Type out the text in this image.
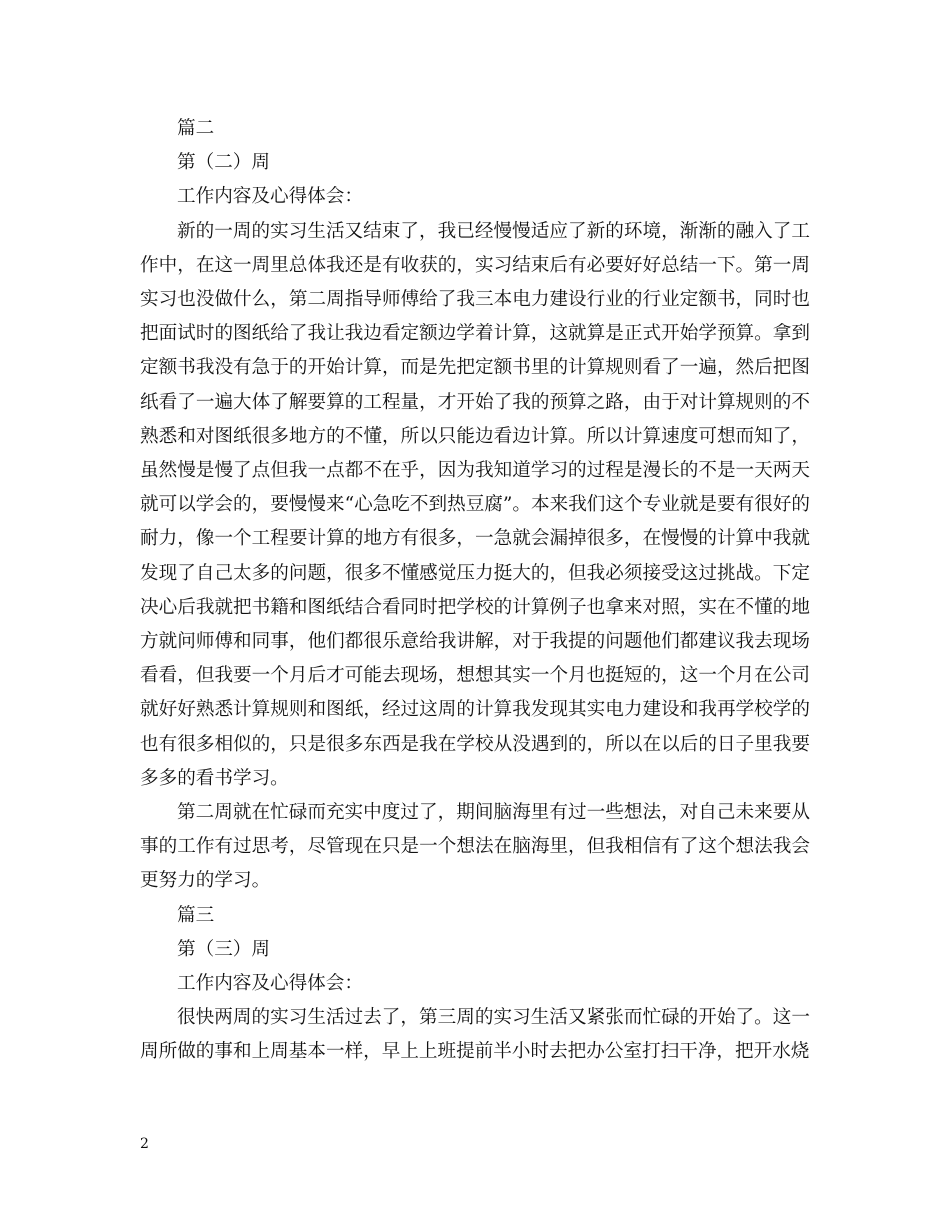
篇二

第（二）周

工作内容及心得体会：

新的一周的实习生活又结束了，我已经慢慢适应了新的环境，渐渐的融入了工作中，在这一周里总体我还是有收获的，实习结束后有必要好好总结一下。第一周实习也没做什么，第二周指导师傅给了我三本电力建设行业的行业定额书，同时也把面试时的图纸给了我让我边看定额边学着计算，这就算是正式开始学预算。拿到定额书我没有急于的开始计算，而是先把定额书里的计算规则看了一遍，然后把图纸看了一遍大体了解要算的工程量，才开始了我的预算之路，由于对计算规则的不熟悉和对图纸很多地方的不懂，所以只能边看边计算。所以计算速度可想而知了，虽然慢是慢了点但我一点都不在乎，因为我知道学习的过程是漫长的不是一天两天就可以学会的，要慢慢来“心急吃不到热豆腐”。本来我们这个专业就是要有很好的耐力，像一个工程要计算的地方有很多，一急就会漏掉很多，在慢慢的计算中我就发现了自己太多的问题，很多不懂感觉压力挺大的，但我必须接受这过挑战。下定决心后我就把书籍和图纸结合看同时把学校的计算例子也拿来对照，实在不懂的地方就问师傅和同事，他们都很乐意给我讲解，对于我提的问题他们都建议我去现场看看，但我要一个月后才可能去现场，想想其实一个月也挺短的，这一个月在公司就好好熟悉计算规则和图纸，经过这周的计算我发现其实电力建设和我再学校学的也有很多相似的，只是很多东西是我在学校从没遇到的，所以在以后的日子里我要多多的看书学习。

第二周就在忙碌而充实中度过了，期间脑海里有过一些想法，对自己未来要从事的工作有过思考，尽管现在只是一个想法在脑海里，但我相信有了这个想法我会更努力的学习。

篇三

第（三）周

工作内容及心得体会：

很快两周的实习生活过去了，第三周的实习生活又紧张而忙碌的开始了。这一周所做的事和上周基本一样，早上上班提前半小时去把办公室打扫干净，把开水烧

2
